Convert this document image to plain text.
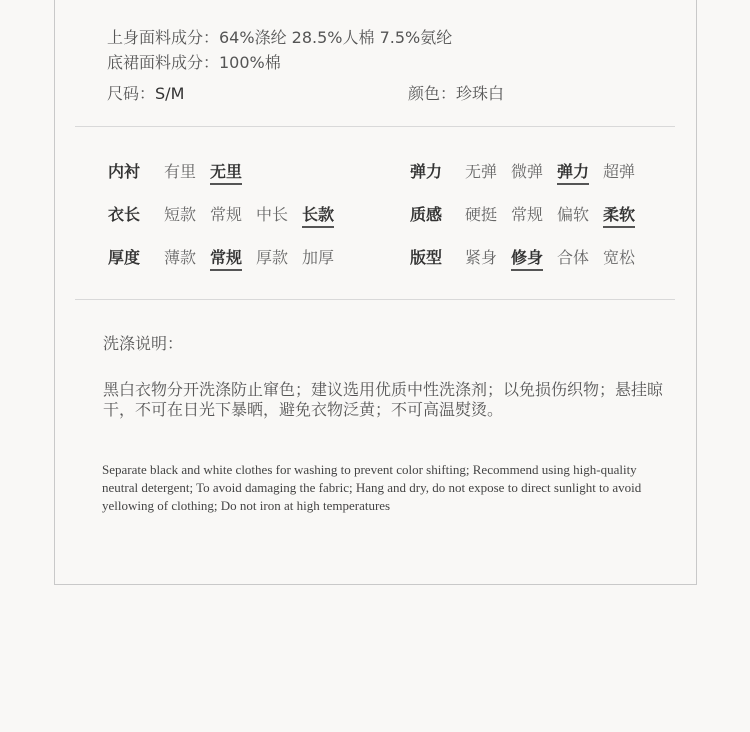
上身面料成分：64%涤纶 28.5%人棉 7.5%氨纶
底裙面料成分：100%棉
尺码：S/M	颜色：珍珠白
内衬 有里 无里	弹力 无弹 微弹 弹力 超弹
衣长 短款 常规 中长 长款	质感 硬挺 常规 偏软 柔软
厚度 薄款 常规 厚款 加厚	版型 紧身 修身 合体 宽松
洗涤说明：
黑白衣物分开洗涤防止窜色；建议选用优质中性洗涤剂；以免损伤织物；悬挂晾干，不可在日光下暴晒，避免衣物泛黄；不可高温熨烫。
Separate black and white clothes for washing to prevent color shifting; Recommend using high-quality neutral detergent; To avoid damaging the fabric; Hang and dry, do not expose to direct sunlight to avoid yellowing of clothing; Do not iron at high temperatures
